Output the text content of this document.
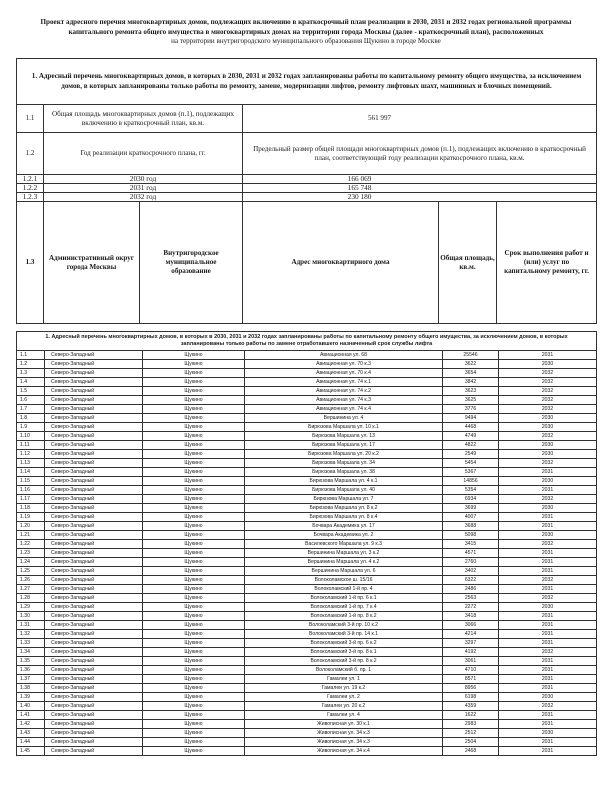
Проект адресного перечня многоквартирных домов, подлежащих включению в краткосрочный план реализации в 2030, 2031 и 2032 годах региональной программы капитального ремонта общего имущества в многоквартирных домах на территории города Москвы (далее - краткосрочный план), расположенных
на территории внутригородского муниципального образования Щукино в городе Москве
1. Адресный перечень многоквартирных домов, в которых в 2030, 2031 и 2032 годах запланированы работы по капитальному ремонту общего имущества, за исключением домов, в которых запланированы только работы по ремонту, замене, модернизации лифтов, ремонту лифтовых шахт, машинных и блочных помещений.					
1.1	Общая площадь многоквартирных домов (п.1), подлежащих включению в краткосрочный план, кв.м.		561 997		
1.2	Год реализации краткосрочного плана, гг.		Предельный размер общей площади многоквартирных домов (п.1), подлежащих включению в краткосрочный план, соответствующий году реализации краткосрочного плана, кв.м.		
1.2.1	2030 год		166 069		
1.2.2	2031 год		165 748		
1.2.3	2032 год		230 180		
1.3	Административный округ города Москвы	Внутригородское муниципальное образование	Адрес многоквартирного дома	Общая площадь, кв.м.	Срок выполнения работ и (или) услуг по капитальному ремонту, гг.
1. Адресный перечень многоквартирных домов, в которых в 2030, 2031 и 2032 годах запланированы работы по капитальному ремонту общего имущества, за исключением домов, в которых запланированы только работы по замене отработавшего назначенный срок службы лифта					
1.1	Северо-Западный	Щукино	Авиационная ул. 68	25546	2031
1.2	Северо-Западный	Щукино	Авиационная ул. 70 к.3	3622	2030
1.3	Северо-Западный	Щукино	Авиационная ул. 70 к.4	3654	2032
1.4	Северо-Западный	Щукино	Авиационная ул. 74 к.1	3842	2032
1.5	Северо-Западный	Щукино	Авиационная ул. 74 к.2	3623	2032
1.6	Северо-Западный	Щукино	Авиационная ул. 74 к.3	3625	2032
1.7	Северо-Западный	Щукино	Авиационная ул. 74 к.4	3776	2032
1.8	Северо-Западный	Щукино	Вершинина ул. 4	9494	2030
1.9	Северо-Западный	Щукино	Бирюзова Маршала ул. 10 к.1	4468	2030
1.10	Северо-Западный	Щукино	Бирюзова Маршала ул. 13	4749	2032
1.11	Северо-Западный	Щукино	Бирюзова Маршала ул. 17	4822	2030
1.12	Северо-Западный	Щукино	Бирюзова Маршала ул. 20 к.2	2549	2030
1.13	Северо-Западный	Щукино	Бирюзова Маршала ул. 34	5454	2032
1.14	Северо-Западный	Щукино	Бирюзова Маршала ул. 38	5367	2031
1.15	Северо-Западный	Щукино	Бирюзова Маршала ул. 4 к.1	14856	2030
1.16	Северо-Западный	Щукино	Бирюзова Маршала ул. 40	5354	2031
1.17	Северо-Западный	Щукино	Бирюзова Маршала ул. 7	6934	2032
1.18	Северо-Западный	Щукино	Бирюзова Маршала ул. 8 к.2	3699	2030
1.19	Северо-Западный	Щукино	Бирюзова Маршала ул. 8 к.4	4007	2031
1.20	Северо-Западный	Щукино	Бочвара Академика ул. 17	3688	2031
1.21	Северо-Западный	Щукино	Бочвара Академика ул. 2	5098	2030
1.22	Северо-Западный	Щукино	Василевского Маршала ул. 9 к.3	3415	2032
1.23	Северо-Западный	Щукино	Вершинина Маршала ул. 3 к.2	4571	2031
1.24	Северо-Западный	Щукино	Вершинина Маршала ул. 4 к.2	2760	2031
1.25	Северо-Западный	Щукино	Вершинина Маршала ул. 6	3402	2031
1.26	Северо-Западный	Щукино	Волоколамское ш. 15/16	6322	2032
1.27	Северо-Западный	Щукино	Волоколамский 1-й пр. 4	2486	2031
1.28	Северо-Западный	Щукино	Волоколамский 1-й пр. 6 к.1	2563	2032
1.29	Северо-Западный	Щукино	Волоколамский 1-й пр. 7 к.4	2272	2030
1.30	Северо-Западный	Щукино	Волоколамский 1-й пр. 8 к.2	3418	2031
1.31	Северо-Западный	Щукино	Волоколамский 3-й пр. 10 к.2	3066	2031
1.32	Северо-Западный	Щукино	Волоколамский 3-й пр. 14 к.1	4214	2031
1.33	Северо-Западный	Щукино	Волоколамский 3-й пр. 6 к.2	3297	2031
1.34	Северо-Западный	Щукино	Волоколамский 3-й пр. 8 к.1	4192	2032
1.35	Северо-Западный	Щукино	Волоколамский 3-й пр. 8 к.2	3061	2031
1.36	Северо-Западный	Щукино	Волоколамский б. пр. 1	4710	2031
1.37	Северо-Западный	Щукино	Гамалеи ул. 1	8571	2031
1.38	Северо-Западный	Щукино	Гамалеи ул. 19 к.2	8956	2031
1.39	Северо-Западный	Щукино	Гамалеи ул. 2	6198	2030
1.40	Северо-Западный	Щукино	Гамалеи ул. 20 к.2	4359	2032
1.41	Северо-Западный	Щукино	Гамалеи ул. 4	1622	2031
1.42	Северо-Западный	Щукино	Живописная ул. 30 к.1	2983	2031
1.43	Северо-Западный	Щукино	Живописная ул. 34 к.3	2512	2030
1.44	Северо-Западный	Щукино	Живописная ул. 34 к.3	2504	2031
1.45	Северо-Западный	Щукино	Живописная ул. 34 к.4	2468	2031
